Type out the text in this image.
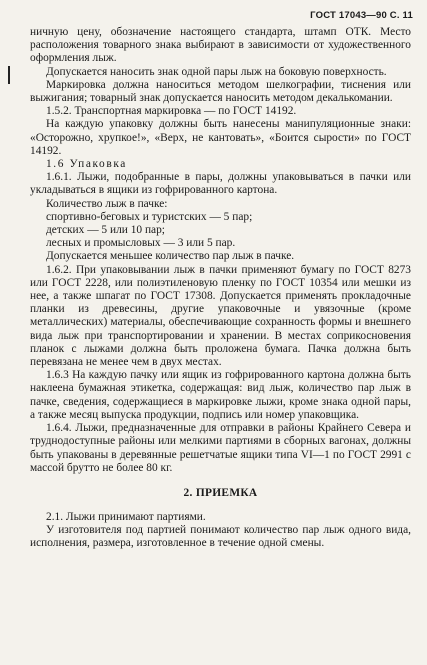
ГОСТ 17043—90 С. 11

ничную цену, обозначение настоящего стандарта, штамп ОТК. Место расположения товарного знака выбирают в зависимости от художественного оформления лыж.

Допускается наносить знак одной пары лыж на боковую поверхность.

Маркировка должна наноситься методом шелкографии, тиснения или выжигания; товарный знак допускается наносить методом декалькомании.

1.5.2. Транспортная маркировка — по ГОСТ 14192.

На каждую упаковку должны быть нанесены манипуляционные знаки: «Осторожно, хрупкое!», «Верх, не кантовать», «Боится сырости» по ГОСТ 14192.

1.6 Упаковка

1.6.1. Лыжи, подобранные в пары, должны упаковываться в пачки или укладываться в ящики из гофрированного картона.

Количество лыж в пачке:

спортивно-беговых и туристских — 5 пар;

детских — 5 или 10 пар;

лесных и промысловых — 3 или 5 пар.

Допускается меньшее количество пар лыж в пачке.

1.6.2. При упаковывании лыж в пачки применяют бумагу по ГОСТ 8273 или ГОСТ 2228, или полиэтиленовую пленку по ГОСТ 10354 или мешки из нее, а также шпагат по ГОСТ 17308. Допускается применять прокладочные планки из древесины, другие упаковочные и увязочные (кроме металлических) материалы, обеспечивающие сохранность формы и внешнего вида лыж при транспортировании и хранении. В местах соприкосновения планок с лыжами должна быть проложена бумага. Пачка должна быть перевязана не менее чем в двух местах.

1.6.3 На каждую пачку или ящик из гофрированного картона должна быть наклеена бумажная этикетка, содержащая: вид лыж, количество пар лыж в пачке, сведения, содержащиеся в маркировке лыжи, кроме знака одной пары, а также месяц выпуска продукции, подпись или номер упаковщика.

1.6.4. Лыжи, предназначенные для отправки в районы Крайнего Севера и труднодоступные районы или мелкими партиями в сборных вагонах, должны быть упакованы в деревянные решетчатые ящики типа VI—1 по ГОСТ 2991 с массой брутто не более 80 кг.

2. ПРИЕМКА

2.1. Лыжи принимают партиями.

У изготовителя под партией понимают количество пар лыж одного вида, исполнения, размера, изготовленное в течение одной смены.
